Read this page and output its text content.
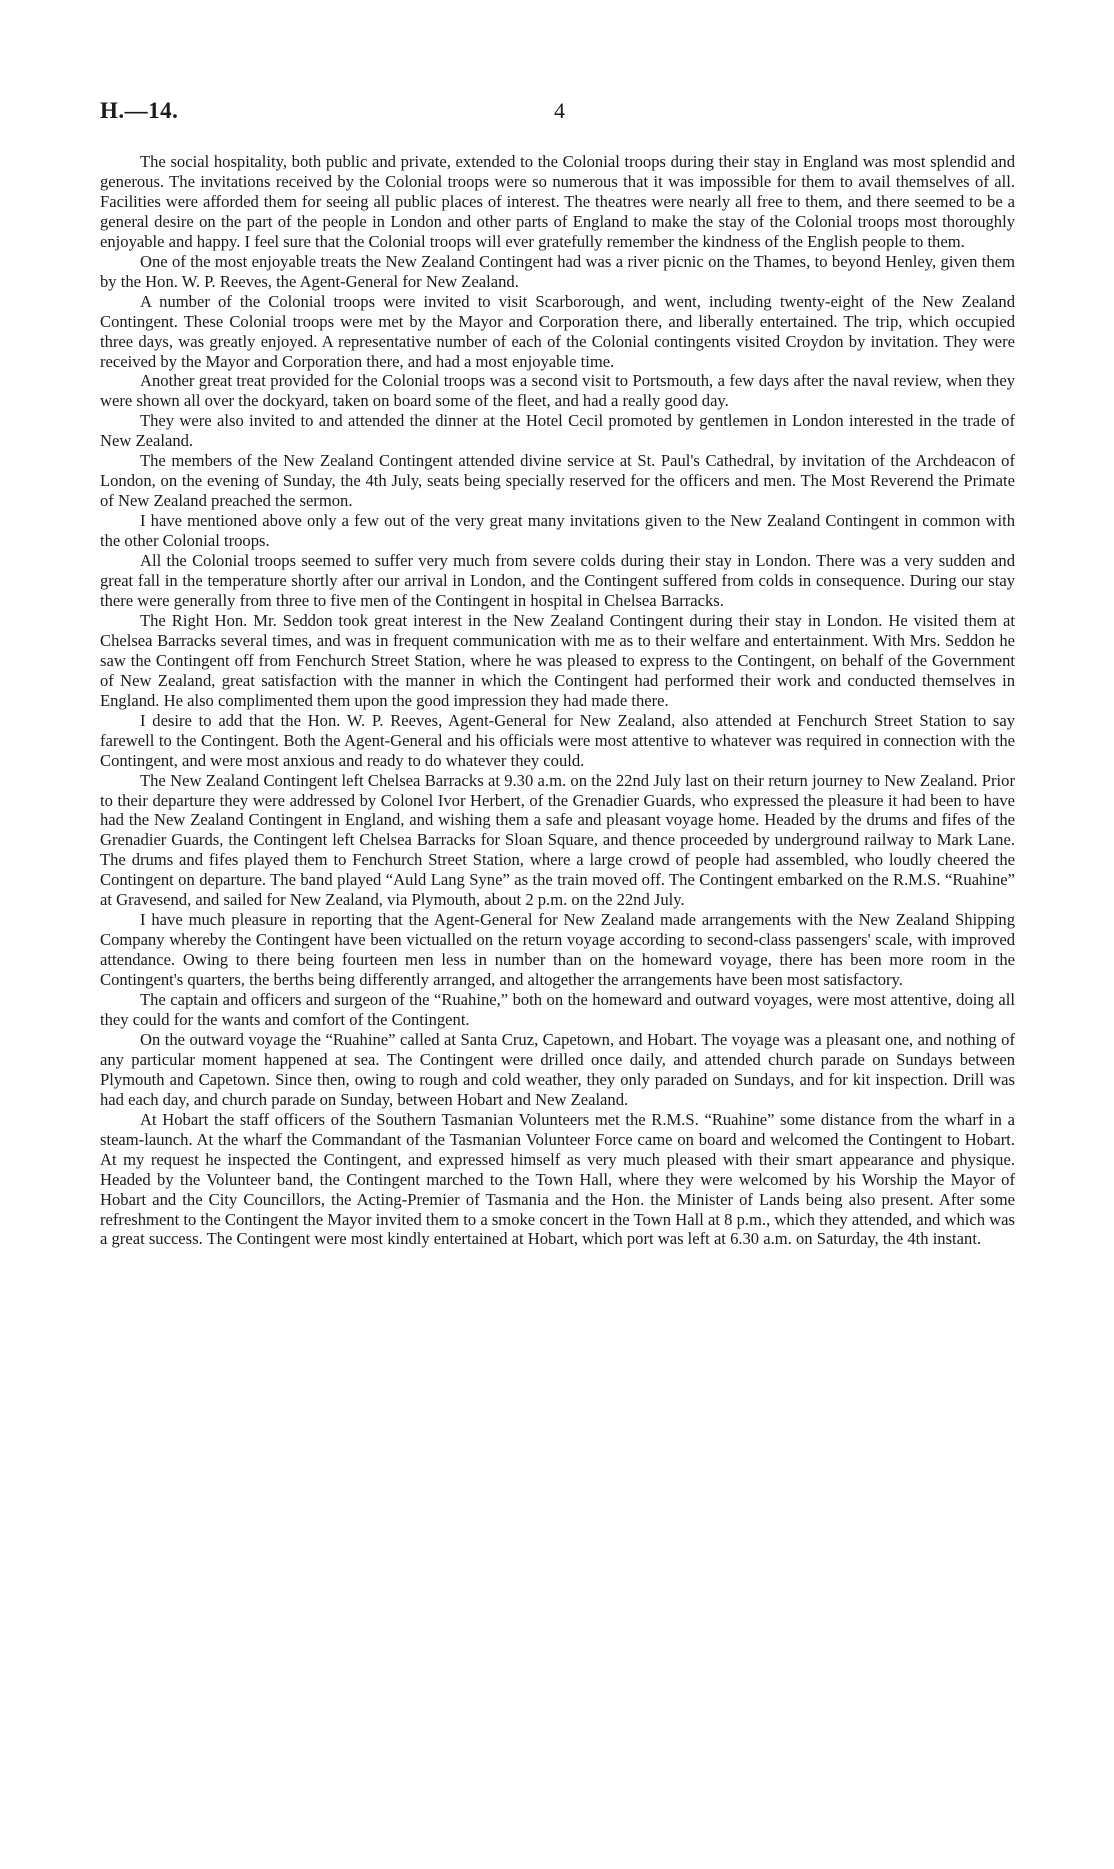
H.—14.	4

The social hospitality, both public and private, extended to the Colonial troops during their stay in England was most splendid and generous. The invitations received by the Colonial troops were so numerous that it was impossible for them to avail themselves of all. Facilities were afforded them for seeing all public places of interest. The theatres were nearly all free to them, and there seemed to be a general desire on the part of the people in London and other parts of England to make the stay of the Colonial troops most thoroughly enjoyable and happy. I feel sure that the Colonial troops will ever gratefully remember the kindness of the English people to them.

One of the most enjoyable treats the New Zealand Contingent had was a river picnic on the Thames, to beyond Henley, given them by the Hon. W. P. Reeves, the Agent-General for New Zealand.

A number of the Colonial troops were invited to visit Scarborough, and went, including twenty-eight of the New Zealand Contingent. These Colonial troops were met by the Mayor and Corporation there, and liberally entertained. The trip, which occupied three days, was greatly enjoyed. A representative number of each of the Colonial contingents visited Croydon by invitation. They were received by the Mayor and Corporation there, and had a most enjoyable time.

Another great treat provided for the Colonial troops was a second visit to Portsmouth, a few days after the naval review, when they were shown all over the dockyard, taken on board some of the fleet, and had a really good day.

They were also invited to and attended the dinner at the Hotel Cecil promoted by gentlemen in London interested in the trade of New Zealand.

The members of the New Zealand Contingent attended divine service at St. Paul's Cathedral, by invitation of the Archdeacon of London, on the evening of Sunday, the 4th July, seats being specially reserved for the officers and men. The Most Reverend the Primate of New Zealand preached the sermon.

I have mentioned above only a few out of the very great many invitations given to the New Zealand Contingent in common with the other Colonial troops.

All the Colonial troops seemed to suffer very much from severe colds during their stay in London. There was a very sudden and great fall in the temperature shortly after our arrival in London, and the Contingent suffered from colds in consequence. During our stay there were generally from three to five men of the Contingent in hospital in Chelsea Barracks.

The Right Hon. Mr. Seddon took great interest in the New Zealand Contingent during their stay in London. He visited them at Chelsea Barracks several times, and was in frequent communication with me as to their welfare and entertainment. With Mrs. Seddon he saw the Contingent off from Fenchurch Street Station, where he was pleased to express to the Contingent, on behalf of the Government of New Zealand, great satisfaction with the manner in which the Contingent had performed their work and conducted themselves in England. He also complimented them upon the good impression they had made there.

I desire to add that the Hon. W. P. Reeves, Agent-General for New Zealand, also attended at Fenchurch Street Station to say farewell to the Contingent. Both the Agent-General and his officials were most attentive to whatever was required in connection with the Contingent, and were most anxious and ready to do whatever they could.

The New Zealand Contingent left Chelsea Barracks at 9.30 a.m. on the 22nd July last on their return journey to New Zealand. Prior to their departure they were addressed by Colonel Ivor Herbert, of the Grenadier Guards, who expressed the pleasure it had been to have had the New Zealand Contingent in England, and wishing them a safe and pleasant voyage home. Headed by the drums and fifes of the Grenadier Guards, the Contingent left Chelsea Barracks for Sloan Square, and thence proceeded by underground railway to Mark Lane. The drums and fifes played them to Fenchurch Street Station, where a large crowd of people had assembled, who loudly cheered the Contingent on departure. The band played “Auld Lang Syne” as the train moved off. The Contingent embarked on the R.M.S. “Ruahine” at Gravesend, and sailed for New Zealand, via Plymouth, about 2 p.m. on the 22nd July.

I have much pleasure in reporting that the Agent-General for New Zealand made arrangements with the New Zealand Shipping Company whereby the Contingent have been victualled on the return voyage according to second-class passengers' scale, with improved attendance. Owing to there being fourteen men less in number than on the homeward voyage, there has been more room in the Contingent's quarters, the berths being differently arranged, and altogether the arrangements have been most satisfactory.

The captain and officers and surgeon of the “Ruahine,” both on the homeward and outward voyages, were most attentive, doing all they could for the wants and comfort of the Contingent.

On the outward voyage the “Ruahine” called at Santa Cruz, Capetown, and Hobart. The voyage was a pleasant one, and nothing of any particular moment happened at sea. The Contingent were drilled once daily, and attended church parade on Sundays between Plymouth and Capetown. Since then, owing to rough and cold weather, they only paraded on Sundays, and for kit inspection. Drill was had each day, and church parade on Sunday, between Hobart and New Zealand.

At Hobart the staff officers of the Southern Tasmanian Volunteers met the R.M.S. “Ruahine” some distance from the wharf in a steam-launch. At the wharf the Commandant of the Tasmanian Volunteer Force came on board and welcomed the Contingent to Hobart. At my request he inspected the Contingent, and expressed himself as very much pleased with their smart appearance and physique. Headed by the Volunteer band, the Contingent marched to the Town Hall, where they were welcomed by his Worship the Mayor of Hobart and the City Councillors, the Acting-Premier of Tasmania and the Hon. the Minister of Lands being also present. After some refreshment to the Contingent the Mayor invited them to a smoke concert in the Town Hall at 8 p.m., which they attended, and which was a great success. The Contingent were most kindly entertained at Hobart, which port was left at 6.30 a.m. on Saturday, the 4th instant.
